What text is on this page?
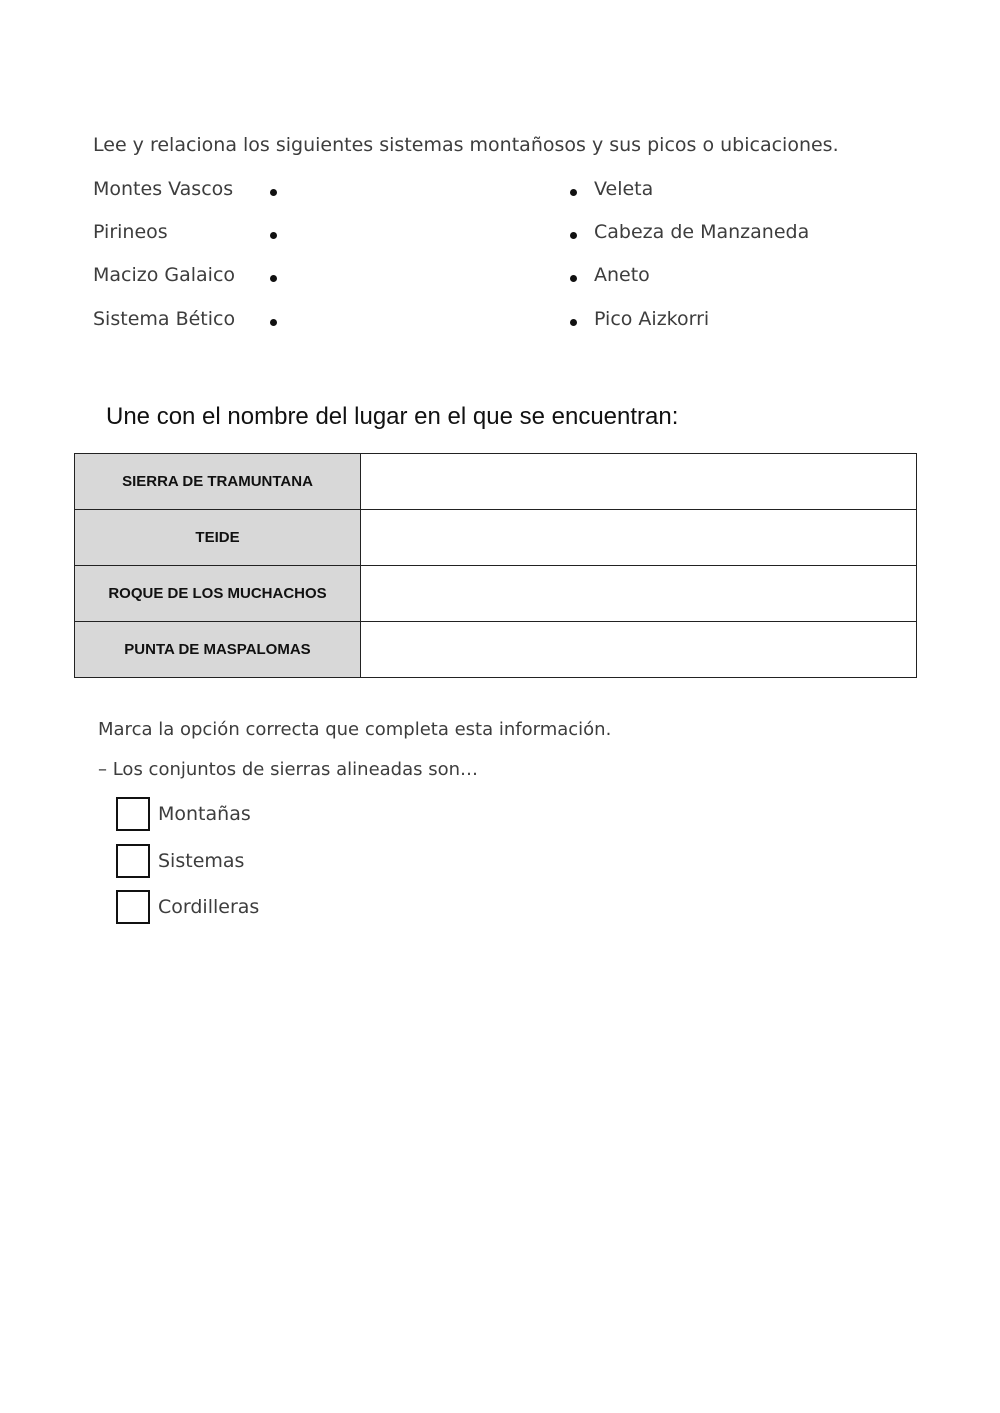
Lee y relaciona los siguientes sistemas montañosos y sus picos o ubicaciones.
Montes Vascos	Veleta
Pirineos	Cabeza de Manzaneda
Macizo Galaico	Aneto
Sistema Bético	Pico Aizkorri
Une con el nombre del lugar en el que se encuentran:
SIERRA DE TRAMUNTANA	
TEIDE	
ROQUE DE LOS MUCHACHOS	
PUNTA DE MASPALOMAS	
Marca la opción correcta que completa esta información.
– Los conjuntos de sierras alineadas son…
Montañas
Sistemas
Cordilleras
